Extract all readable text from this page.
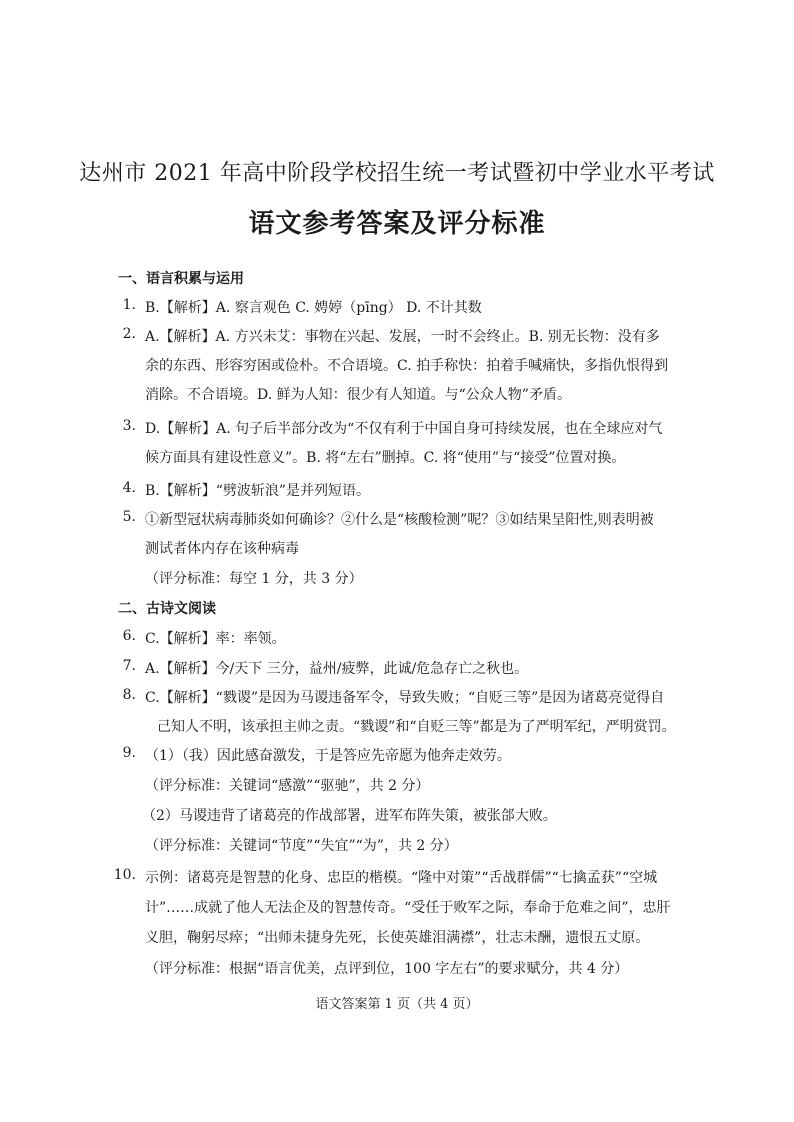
达州市 2021 年高中阶段学校招生统一考试暨初中学业水平考试
语文参考答案及评分标准
一、语言积累与运用
1. B.【解析】A. 察言观色 C. 娉婷（pīng） D. 不计其数
2. A.【解析】A. 方兴未艾：事物在兴起、发展，一时不会终止。B. 别无长物：没有多
余的东西、形容穷困或俭朴。不合语境。C. 拍手称快：拍着手喊痛快，多指仇恨得到
消除。不合语境。D. 鲜为人知：很少有人知道。与“公众人物”矛盾。
3. D.【解析】A. 句子后半部分改为“不仅有利于中国自身可持续发展，也在全球应对气
候方面具有建设性意义”。B. 将“左右”删掉。C. 将“使用”与“接受”位置对换。
4. B.【解析】“劈波斩浪”是并列短语。
5. ①新型冠状病毒肺炎如何确诊？②什么是“核酸检测”呢？③如结果呈阳性,则表明被
测试者体内存在该种病毒
（评分标准：每空 1 分，共 3 分）
二、古诗文阅读
6. C.【解析】率：率领。
7. A.【解析】今/天下 三分，益州/疲弊，此诚/危急存亡之秋也。
8. C.【解析】“戮谡”是因为马谡违备军令，导致失败；“自贬三等”是因为诸葛亮觉得自
己知人不明，该承担主帅之责。“戮谡”和“自贬三等”都是为了严明军纪，严明赏罚。
9. （1）（我）因此感奋激发，于是答应先帝愿为他奔走效劳。
（评分标准：关键词“感激”“驱驰”，共 2 分）
（2）马谡违背了诸葛亮的作战部署，进军布阵失策，被张郃大败。
（评分标准：关键词“节度”“失宜”“为”，共 2 分）
10. 示例：诸葛亮是智慧的化身、忠臣的楷模。“隆中对策”“舌战群儒”“七擒孟获”“空城
计”……成就了他人无法企及的智慧传奇。“受任于败军之际，奉命于危难之间”，忠肝
义胆，鞠躬尽瘁；“出师未捷身先死，长使英雄泪满襟”，壮志未酬，遗恨五丈原。
（评分标准：根据“语言优美，点评到位，100 字左右”的要求赋分，共 4 分）
语文答案第 1 页（共 4 页）
